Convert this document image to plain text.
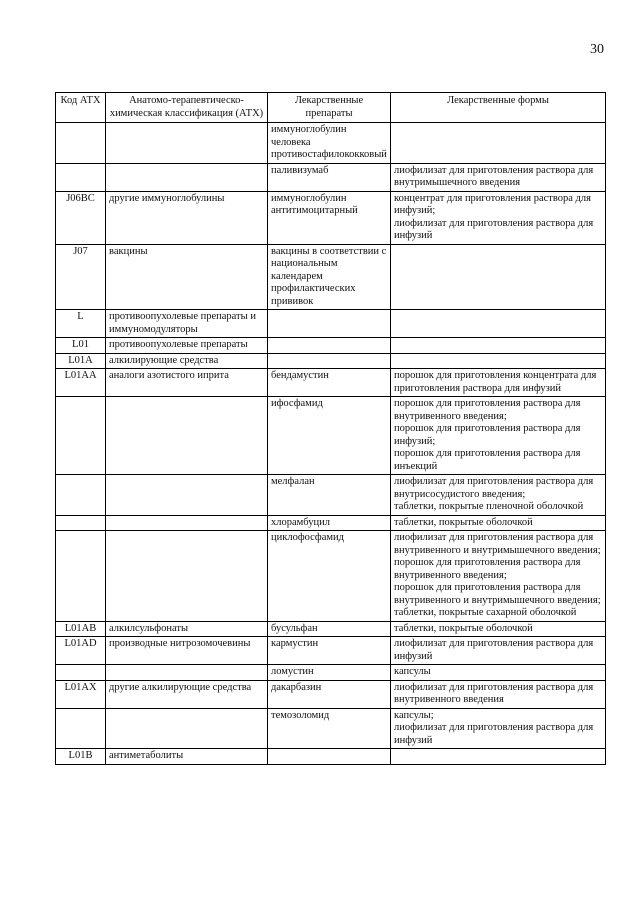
30
Код АТХ	Анатомо-терапевтическо-химическая классификация (АТХ)	Лекарственные препараты	Лекарственные формы
		иммуноглобулин человека противостафилококковый	
		паливизумаб	лиофилизат для приготовления раствора для внутримышечного введения

J06BC	другие иммуноглобулины	иммуноглобулин антитимоцитарный	концентрат для приготовления раствора для инфузий;
лиофилизат для приготовления раствора для инфузий

J07	вакцины	вакцины в соответствии с национальным календарем профилактических прививок	
L	противоопухолевые препараты и иммуномодуляторы		
L01	противоопухолевые препараты		
L01A	алкилирующие средства		
L01AA	аналоги азотистого иприта	бендамустин	порошок для приготовления концентрата для приготовления раствора для инфузий

		ифосфамид	порошок для приготовления раствора для внутривенного введения;
порошок для приготовления раствора для инфузий;
порошок для приготовления раствора для инъекций

		мелфалан	лиофилизат для приготовления раствора для внутрисосудистого введения;
таблетки, покрытые пленочной оболочкой

		хлорамбуцил	таблетки, покрытые оболочкой

		циклофосфамид	лиофилизат для приготовления раствора для внутривенного и внутримышечного введения;
порошок для приготовления раствора для внутривенного введения;
порошок для приготовления раствора для внутривенного и внутримышечного введения;
таблетки, покрытые сахарной оболочкой

L01AB	алкилсульфонаты	бусульфан	таблетки, покрытые оболочкой

L01AD	производные нитрозомочевины	кармустин	лиофилизат для приготовления раствора для инфузий

		ломустин	капсулы

L01AX	другие алкилирующие средства	дакарбазин	лиофилизат для приготовления раствора для внутривенного введения

		темозоломид	капсулы;
лиофилизат для приготовления раствора для инфузий

L01B	антиметаболиты		
